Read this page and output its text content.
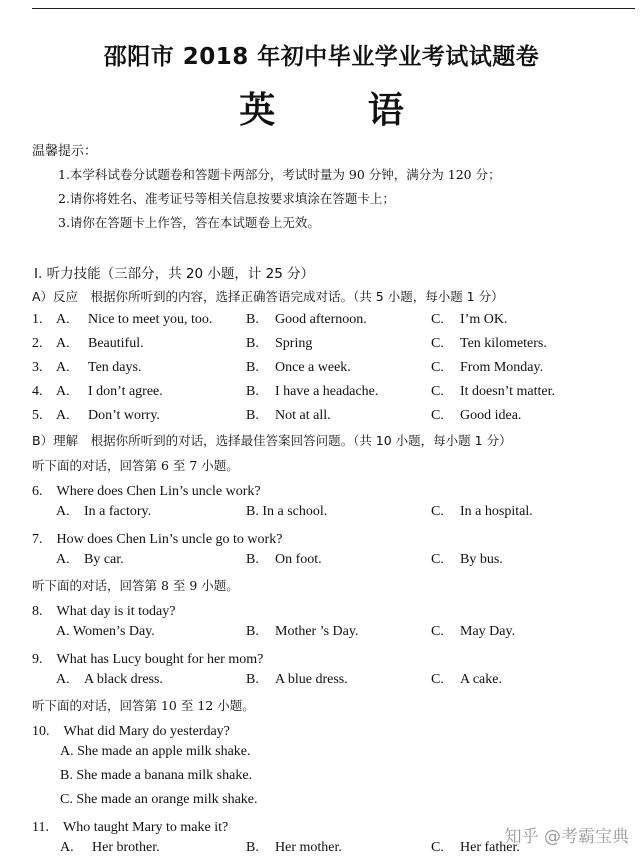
邵阳市 2018 年初中毕业学业考试试题卷
英 语
温馨提示：
1.本学科试卷分试题卷和答题卡两部分，考试时量为 90 分钟，满分为 120 分；
2.请你将姓名、准考证号等相关信息按要求填涂在答题卡上；
3.请你在答题卡上作答，答在本试题卷上无效。
Ⅰ. 听力技能（三部分，共 20 小题，计 25 分）
A）反应　根据你所听到的内容，选择正确答语完成对话。（共 5 小题，每小题 1 分）
1. A. Nice to meet you, too. B. Good afternoon.	C. I’m OK.
2. A. Beautiful.	B. Spring	C. Ten kilometers.
3. A. Ten days.	B. Once a week.	C. From Monday.
4. A. I don’t agree.	B. I have a headache.	C. It doesn’t matter.
5. A. Don’t worry.	B. Not at all.	C. Good idea.
B）理解　根据你所听到的对话，选择最佳答案回答问题。（共 10 小题，每小题 1 分）
听下面的对话，回答第 6 至 7 小题。
6.　Where does Chen Lin’s uncle work?
A. In a factory.	B. In a school.	C. In a hospital.
7.　How does Chen Lin’s uncle go to work?
A. By car.	B. On foot.	C. By bus.
听下面的对话，回答第 8 至 9 小题。
8.　What day is it today?
A. Women’s Day.	B. Mother ’s Day.	C. May Day.
9.　What has Lucy bought for her mom?
A. A black dress.	B. A blue dress.	C. A cake.
听下面的对话，回答第 10 至 12 小题。
10.　What did Mary do yesterday?
A. She made an apple milk shake.
B. She made a banana milk shake.
C. She made an orange milk shake.
11.　Who taught Mary to make it?
A. Her brother.	B. Her mother.	C. Her father.
知乎 @考霸宝典
